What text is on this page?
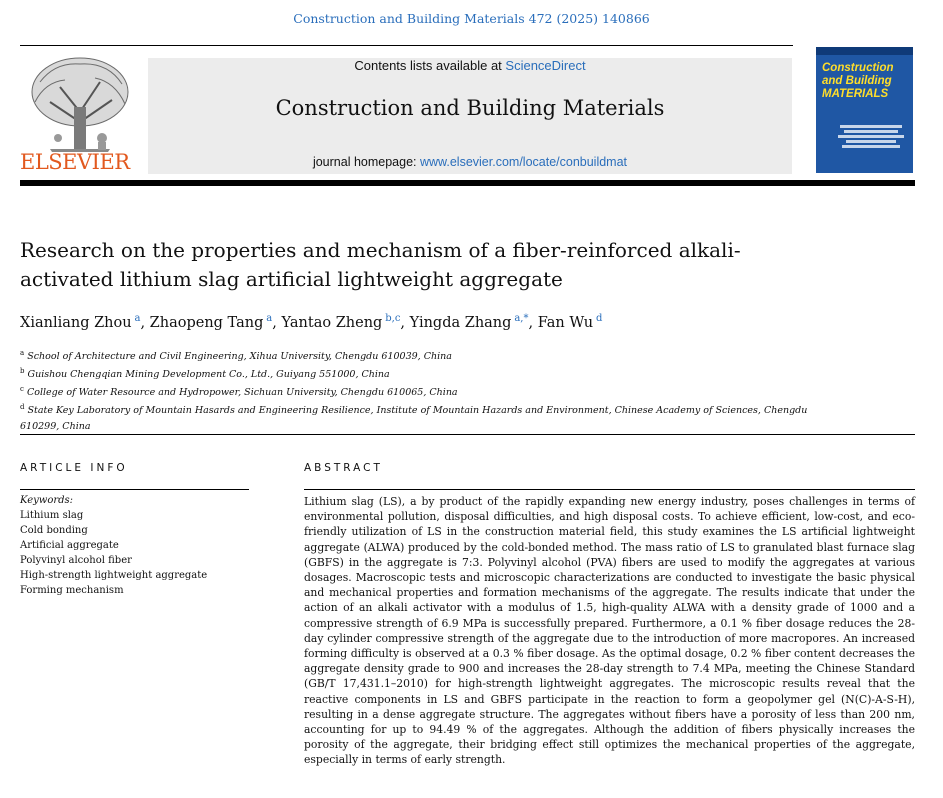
Construction and Building Materials 472 (2025) 140866
ELSEVIER
Contents lists available at ScienceDirect
Construction and Building Materials
journal homepage: www.elsevier.com/locate/conbuildmat
Construction and Building MATERIALS
Research on the properties and mechanism of a fiber-reinforced alkali-activated lithium slag artificial lightweight aggregate
Xianliang Zhou  $^a$, Zhaopeng Tang  $^a$, Yantao Zheng  $^{b,c}$, Yingda Zhang  $^{a,*}$, Fan Wu  $^d$
$^a$ School of Architecture and Civil Engineering, Xihua University, Chengdu 610039, China
$^b$ Guishou Chengqian Mining Development Co., Ltd., Guiyang 551000, China
$^c$ College of Water Resource and Hydropower, Sichuan University, Chengdu 610065, China
$^d$ State Key Laboratory of Mountain Hasards and Engineering Resilience, Institute of Mountain Hazards and Environment, Chinese Academy of Sciences, Chengdu 610299, China
ARTICLE INFO
Keywords:
Lithium slag
Cold bonding
Artificial aggregate
Polyvinyl alcohol fiber
High-strength lightweight aggregate
Forming mechanism
ABSTRACT
Lithium slag (LS), a by product of the rapidly expanding new energy industry, poses challenges in terms of environmental pollution, disposal difficulties, and high disposal costs. To achieve efficient, low-cost, and eco-friendly utilization of LS in the construction material field, this study examines the LS artificial lightweight aggregate (ALWA) produced by the cold-bonded method. The mass ratio of LS to granulated blast furnace slag (GBFS) in the aggregate is 7:3. Polyvinyl alcohol (PVA) fibers are used to modify the aggregates at various dosages. Macroscopic tests and microscopic characterizations are conducted to investigate the basic physical and mechanical properties and formation mechanisms of the aggregate. The results indicate that under the action of an alkali activator with a modulus of 1.5, high-quality ALWA with a density grade of 1000 and a compressive strength of 6.9 MPa is successfully prepared. Furthermore, a 0.1 % fiber dosage reduces the 28-day cylinder compressive strength of the aggregate due to the introduction of more macropores. An increased forming difficulty is observed at a 0.3 % fiber dosage. As the optimal dosage, 0.2 % fiber content decreases the aggregate density grade to 900 and increases the 28-day strength to 7.4 MPa, meeting the Chinese Standard (GB/T 17,431.1–2010) for high-strength lightweight aggregates. The microscopic results reveal that the reactive components in LS and GBFS participate in the reaction to form a geopolymer gel (N(C)-A-S-H), resulting in a dense aggregate structure. The aggregates without fibers have a porosity of less than 200 nm, accounting for up to 94.49 % of the aggregates. Although the addition of fibers physically increases the porosity of the aggregate, their bridging effect still optimizes the mechanical properties of the aggregate, especially in terms of early strength.
